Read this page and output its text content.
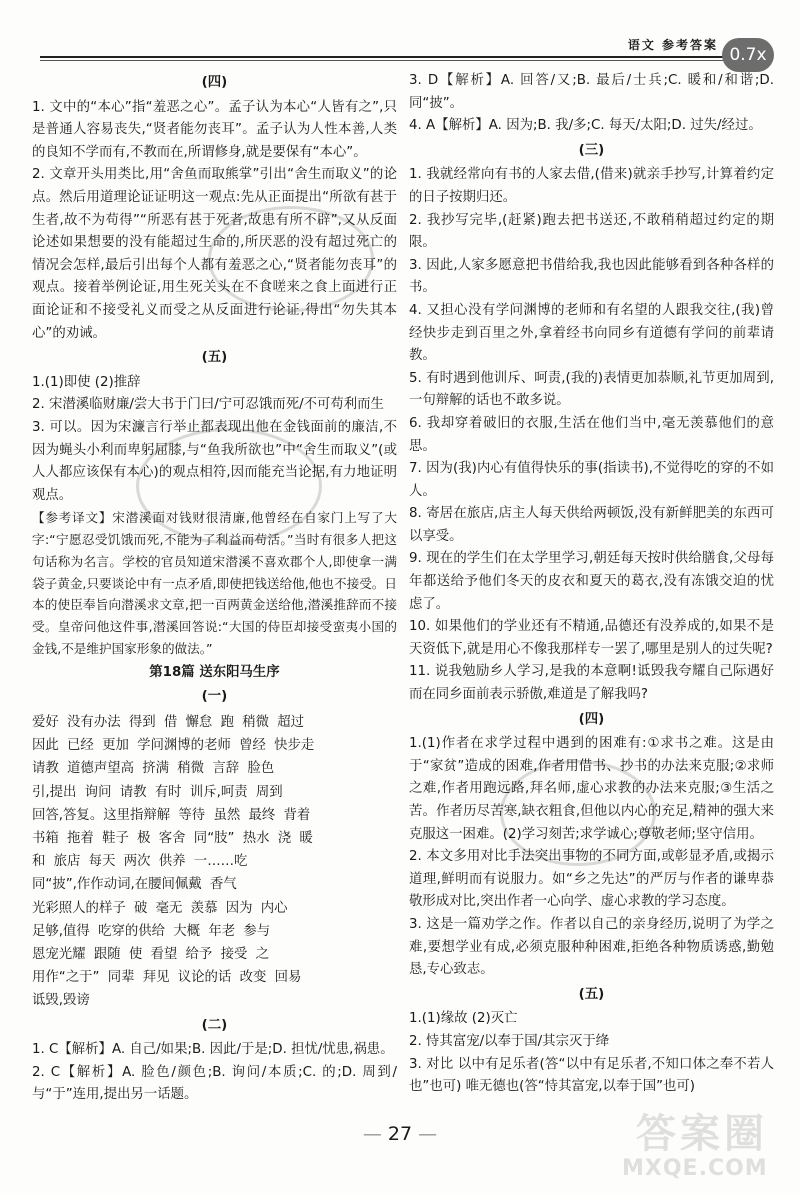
语文 参考答案 0.7x
(四)

1. 文中的“本心”指“羞恶之心”。孟子认为本心“人皆有之”,只是普通人容易丧失,“贤者能勿丧耳”。孟子认为人性本善,人类的良知不学而有,不教而在,所谓修身,就是要保有“本心”。

2. 文章开头用类比,用“舍鱼而取熊掌”引出“舍生而取义”的论点。然后用道理论证证明这一观点:先从正面提出“所欲有甚于生者,故不为苟得”“所恶有甚于死者,故患有所不辟”,又从反面论述如果想要的没有能超过生命的,所厌恶的没有超过死亡的情况会怎样,最后引出每个人都有羞恶之心,“贤者能勿丧耳”的观点。接着举例论证,用生死关头在不食嗟来之食上面进行正面论证和不接受礼义而受之从反面进行论证,得出“勿失其本心”的劝诫。

(五)

1.(1)即使 (2)推辞

2. 宋潜溪临财廉/尝大书于门曰/宁可忍饿而死/不可苟利而生

3. 可以。因为宋濂言行举止都表现出他在金钱面前的廉洁,不因为蝇头小利而卑躬屈膝,与“鱼我所欲也”中“舍生而取义”(或人人都应该保有本心)的观点相符,因而能充当论据,有力地证明观点。

【参考译文】宋潜溪面对钱财很清廉,他曾经在自家门上写了大字:“宁愿忍受饥饿而死,不能为了利益而苟活。”当时有很多人把这句话称为名言。学校的官员知道宋潜溪不喜欢郡个人,即使拿一满袋子黄金,只要谈论中有一点矛盾,即使把钱送给他,他也不接受。日本的使臣奉旨向潜溪求文章,把一百两黄金送给他,潜溪推辞而不接受。皇帝问他这件事,潜溪回答说:“大国的侍臣却接受蛮夷小国的金钱,不是维护国家形象的做法。”

第18篇 送东阳马生序
(一)
爱好 没有办法 得到 借 懈怠 跑 稍微 超过
因此 已经 更加 学问渊博的老师 曾经 快步走
请教 道德声望高 挤满 稍微 言辞 脸色
引,提出 询问 请教 有时 训斥,呵责 周到
回答,答复。这里指辩解 等待 虽然 最终 背着
书箱 拖着 鞋子 极 客舍 同“肢” 热水 浇 暖
和 旅店 每天 两次 供养 一……吃
同“披”,作作动词,在腰间佩戴 香气
光彩照人的样子 破 毫无 羡慕 因为 内心
足够,值得 吃穿的供给 大概 年老 参与
恩宠光耀 跟随 使 看望 给予 接受 之
用作“之于” 同辈 拜见 议论的话 改变 回易
诋毁,毁谤
(二)

1. C【解析】A. 自己/如果;B. 因此/于是;D. 担忧/忧患,祸患。

2. C【解析】A. 脸色/颜色;B. 询问/本质;C. 的;D. 周到/与“于”连用,提出另一话题。

3. D【解析】A. 回答/又;B. 最后/士兵;C. 暖和/和谐;D. 同“披”。

4. A【解析】A. 因为;B. 我/多;C. 每天/太阳;D. 过失/经过。

(三)

1. 我就经常向有书的人家去借,(借来)就亲手抄写,计算着约定的日子按期归还。

2. 我抄写完毕,(赶紧)跑去把书送还,不敢稍稍超过约定的期限。

3. 因此,人家多愿意把书借给我,我也因此能够看到各种各样的书。

4. 又担心没有学问渊博的老师和有名望的人跟我交往,(我)曾经快步走到百里之外,拿着经书向同乡有道德有学问的前辈请教。

5. 有时遇到他训斥、呵责,(我的)表情更加恭顺,礼节更加周到,一句辩解的话也不敢多说。

6. 我却穿着破旧的衣服,生活在他们当中,毫无羡慕他们的意思。

7. 因为(我)内心有值得快乐的事(指读书),不觉得吃的穿的不如人。

8. 寄居在旅店,店主人每天供给两顿饭,没有新鲜肥美的东西可以享受。

9. 现在的学生们在太学里学习,朝廷每天按时供给膳食,父母每年都送给予他们冬天的皮衣和夏天的葛衣,没有冻饿交迫的忧虑了。

10. 如果他们的学业还有不精通,品德还有没养成的,如果不是天资低下,就是用心不像我那样专一罢了,哪里是别人的过失呢?

11. 说我勉励乡人学习,是我的本意啊!诋毁我夸耀自己际遇好而在同乡面前表示骄傲,难道是了解我吗?

(四)

1.(1)作者在求学过程中遇到的困难有:①求书之难。这是由于“家贫”造成的困难,作者用借书、抄书的办法来克服;②求师之难,作者用跑远路,拜名师,虚心求教的办法来克服;③生活之苦。作者历尽苦寒,缺衣粗食,但他以内心的充足,精神的强大来克服这一困难。(2)学习刻苦;求学诚心;尊敬老师;坚守信用。

2. 本文多用对比手法突出事物的不同方面,或彰显矛盾,或揭示道理,鲜明而有说服力。如“乡之先达”的严厉与作者的谦卑恭敬形成对比,突出作者一心向学、虚心求教的学习态度。

3. 这是一篇劝学之作。作者以自己的亲身经历,说明了为学之难,要想学业有成,必须克服种种困难,拒绝各种物质诱惑,勤勉恳,专心致志。

(五)

1.(1)缘故 (2)灭亡

2. 恃其富宠/以奉于国/其宗灭于绛

3. 对比 以中有足乐者(答“以中有足乐者,不知口体之奉不若人也”也可) 唯无德也(答“恃其富宠,以奉于国”也可)

— 27 —	答案圈
MXQE.COM
